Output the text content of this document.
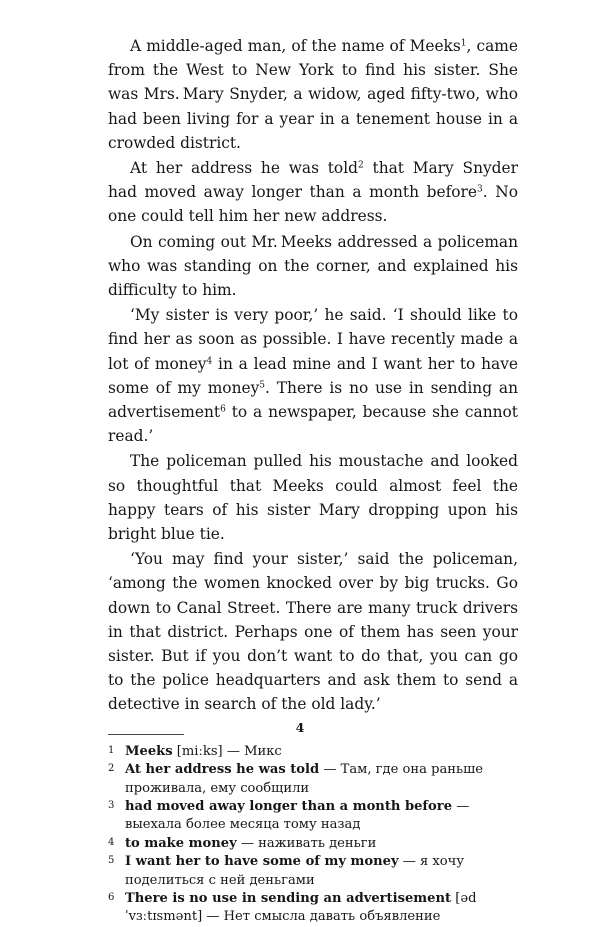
A middle-aged man, of the name of Meeks$^1$, came from the West to New York to find his sister. She was Mrs. Mary Snyder, a widow, aged fifty-two, who had been living for a year in a tenement house in a crowded district.

At her address he was told$^2$ that Mary Snyder had moved away longer than a month before$^3$. No one could tell him her new address.

On coming out Mr. Meeks addressed a policeman who was standing on the corner, and explained his difficulty to him.

‘My sister is very poor,’ he said. ‘I should like to find her as soon as possible. I have recently made a lot of money$^4$ in a lead mine and I want her to have some of my money$^5$. There is no use in sending an advertisement$^6$ to a newspaper, because she cannot read.’

The policeman pulled his moustache and looked so thoughtful that Meeks could almost feel the happy tears of his sister Mary dropping upon his bright blue tie.

‘You may find your sister,’ said the policeman, ‘among the women knocked over by big trucks. Go down to Canal Street. There are many truck drivers in that district. Perhaps one of them has seen your sister. But if you don’t want to do that, you can go to the police headquarters and ask them to send a detective in search of the old lady.’

1 Meeks [miːks] — Микс
2 At her address he was told — Там, где она раньше проживала, ему сообщили
3 had moved away longer than a month before — выехала более месяца тому назад
4 to make money — наживать деньги
5 I want her to have some of my money — я хочу поделиться с ней деньгами
6 There is no use in sending an advertisement [ədˈvɜːtɪsmənt] — Нет смысла давать объявление
4
